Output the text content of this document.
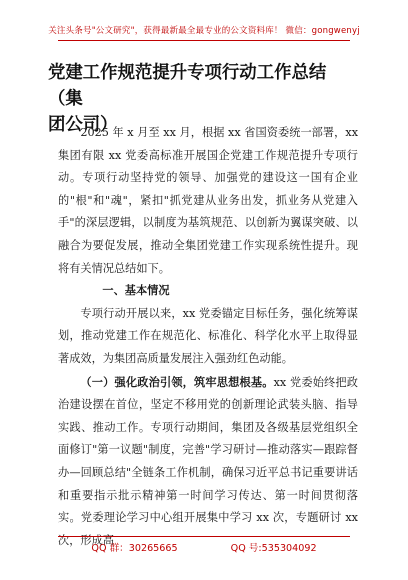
关注头条号"公文研究"，获得最新最全最专业的公文资料库！ 微信：gongwenyj
党建工作规范提升专项行动工作总结（集
团公司）

2025 年 x 月至 xx 月，根据 xx 省国资委统一部署，xx 集团有限 xx 党委高标准开展国企党建工作规范提升专项行动。专项行动坚持党的领导、加强党的建设这一国有企业的"根"和"魂"，紧扣"抓党建从业务出发，抓业务从党建入手"的深层逻辑，以制度为基筑规范、以创新为翼谋突破、以融合为要促发展，推动全集团党建工作实现系统性提升。现将有关情况总结如下。

一、基本情况

专项行动开展以来，xx 党委锚定目标任务，强化统筹谋划，推动党建工作在规范化、标准化、科学化水平上取得显著成效，为集团高质量发展注入强劲红色动能。

（一）强化政治引领，筑牢思想根基。xx 党委始终把政治建设摆在首位，坚定不移用党的创新理论武装头脑、指导实践、推动工作。专项行动期间，集团及各级基层党组织全面修订"第一议题"制度，完善"学习研讨—推动落实—跟踪督办—回顾总结"全链条工作机制，确保习近平总书记重要讲话和重要指示批示精神第一时间学习传达、第一时间贯彻落实。党委理论学习中心组开展集中学习 xx 次，专题研讨 xx 次，形成高

QQ 群：30265665	QQ 号:535304092
